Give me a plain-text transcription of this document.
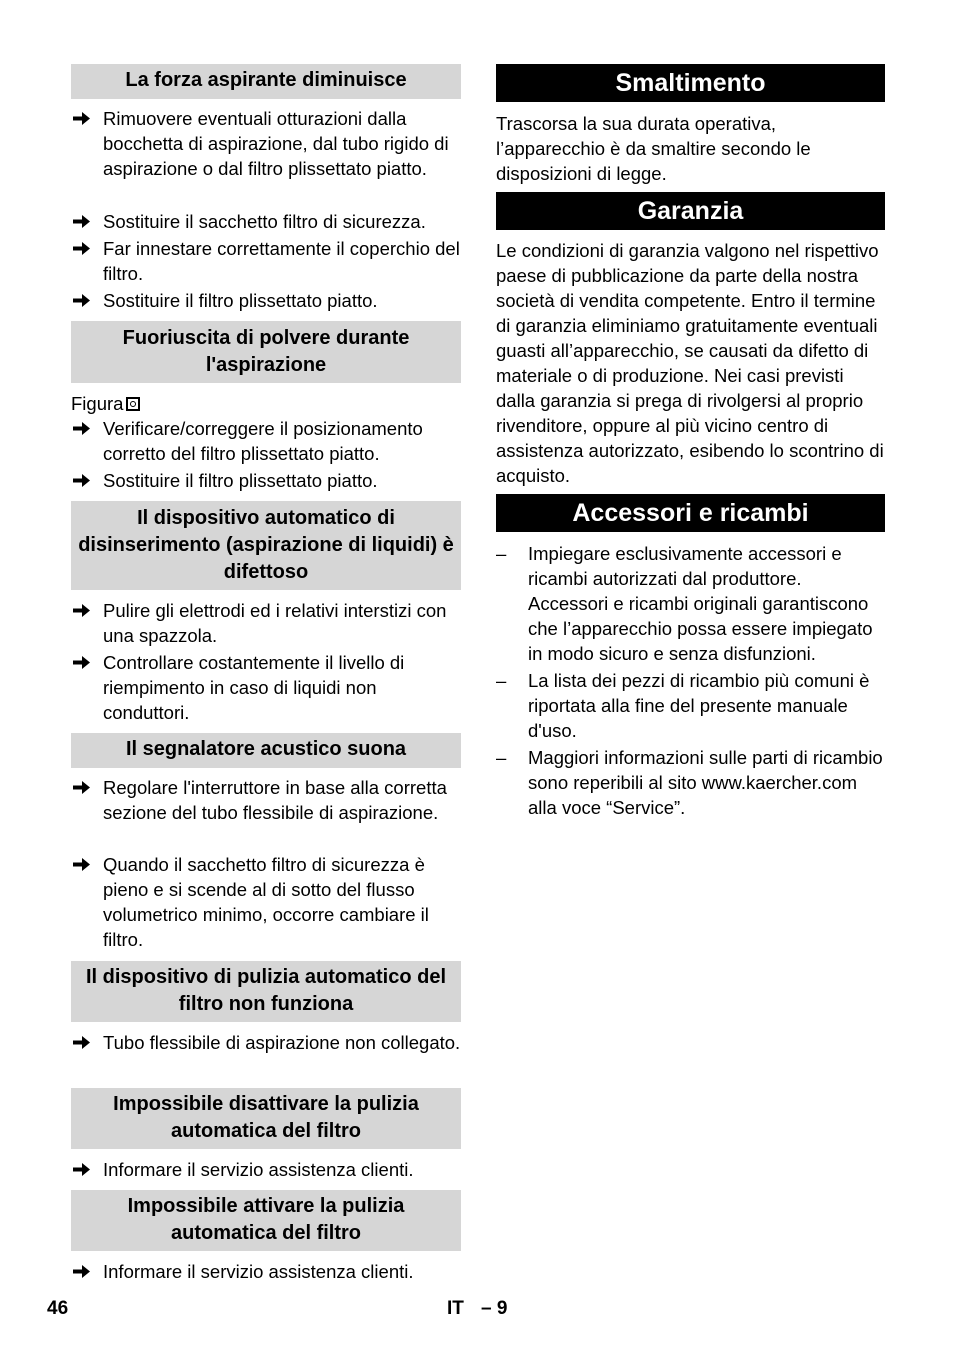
La forza aspirante diminuisce
Rimuovere eventuali otturazioni dalla bocchetta di aspirazione, dal tubo rigido di aspirazione o dal filtro plissettato piatto.
Sostituire il sacchetto filtro di sicurezza.
Far innestare correttamente il coperchio del filtro.
Sostituire il filtro plissettato piatto.
Fuoriuscita di polvere durante l'aspirazione
Figura
Verificare/correggere il posizionamento corretto del filtro plissettato piatto.
Sostituire il filtro plissettato piatto.
Il dispositivo automatico di disinserimento (aspirazione di liquidi) è difettoso
Pulire gli elettrodi ed i relativi interstizi con una spazzola.
Controllare costantemente il livello di riempimento in caso di liquidi non conduttori.
Il segnalatore acustico suona
Regolare l'interruttore in base alla corretta sezione del tubo flessibile di aspirazione.
Quando il sacchetto filtro di sicurezza è pieno e si scende al di sotto del flusso volumetrico minimo, occorre cambiare il filtro.
Il dispositivo di pulizia automatico del filtro non funziona
Tubo flessibile di aspirazione non collegato.
Impossibile disattivare la pulizia automatica del filtro
Informare il servizio assistenza clienti.
Impossibile attivare la pulizia automatica del filtro
Informare il servizio assistenza clienti.
Smaltimento
Trascorsa la sua durata operativa, l’apparecchio è da smaltire secondo le disposizioni di legge.
Garanzia
Le condizioni di garanzia valgono nel rispettivo paese di pubblicazione da parte della nostra società di vendita competente. Entro il termine di garanzia eliminiamo gratuitamente eventuali guasti all’apparecchio, se causati da difetto di materiale o di produzione. Nei casi previsti dalla garanzia si prega di rivolgersi al proprio rivenditore, oppure al più vicino centro di assistenza autorizzato, esibendo lo scontrino di acquisto.
Accessori e ricambi
–	Impiegare esclusivamente accessori e ricambi autorizzati dal produttore. Accessori e ricambi originali garantiscono che l’apparecchio possa essere impiegato in modo sicuro e senza disfunzioni.
–	La lista dei pezzi di ricambio più comuni è riportata alla fine del presente manuale d'uso.
–	Maggiori informazioni sulle parti di ricambio sono reperibili al sito www.kaercher.com alla voce “Service”.
46	IT – 9
